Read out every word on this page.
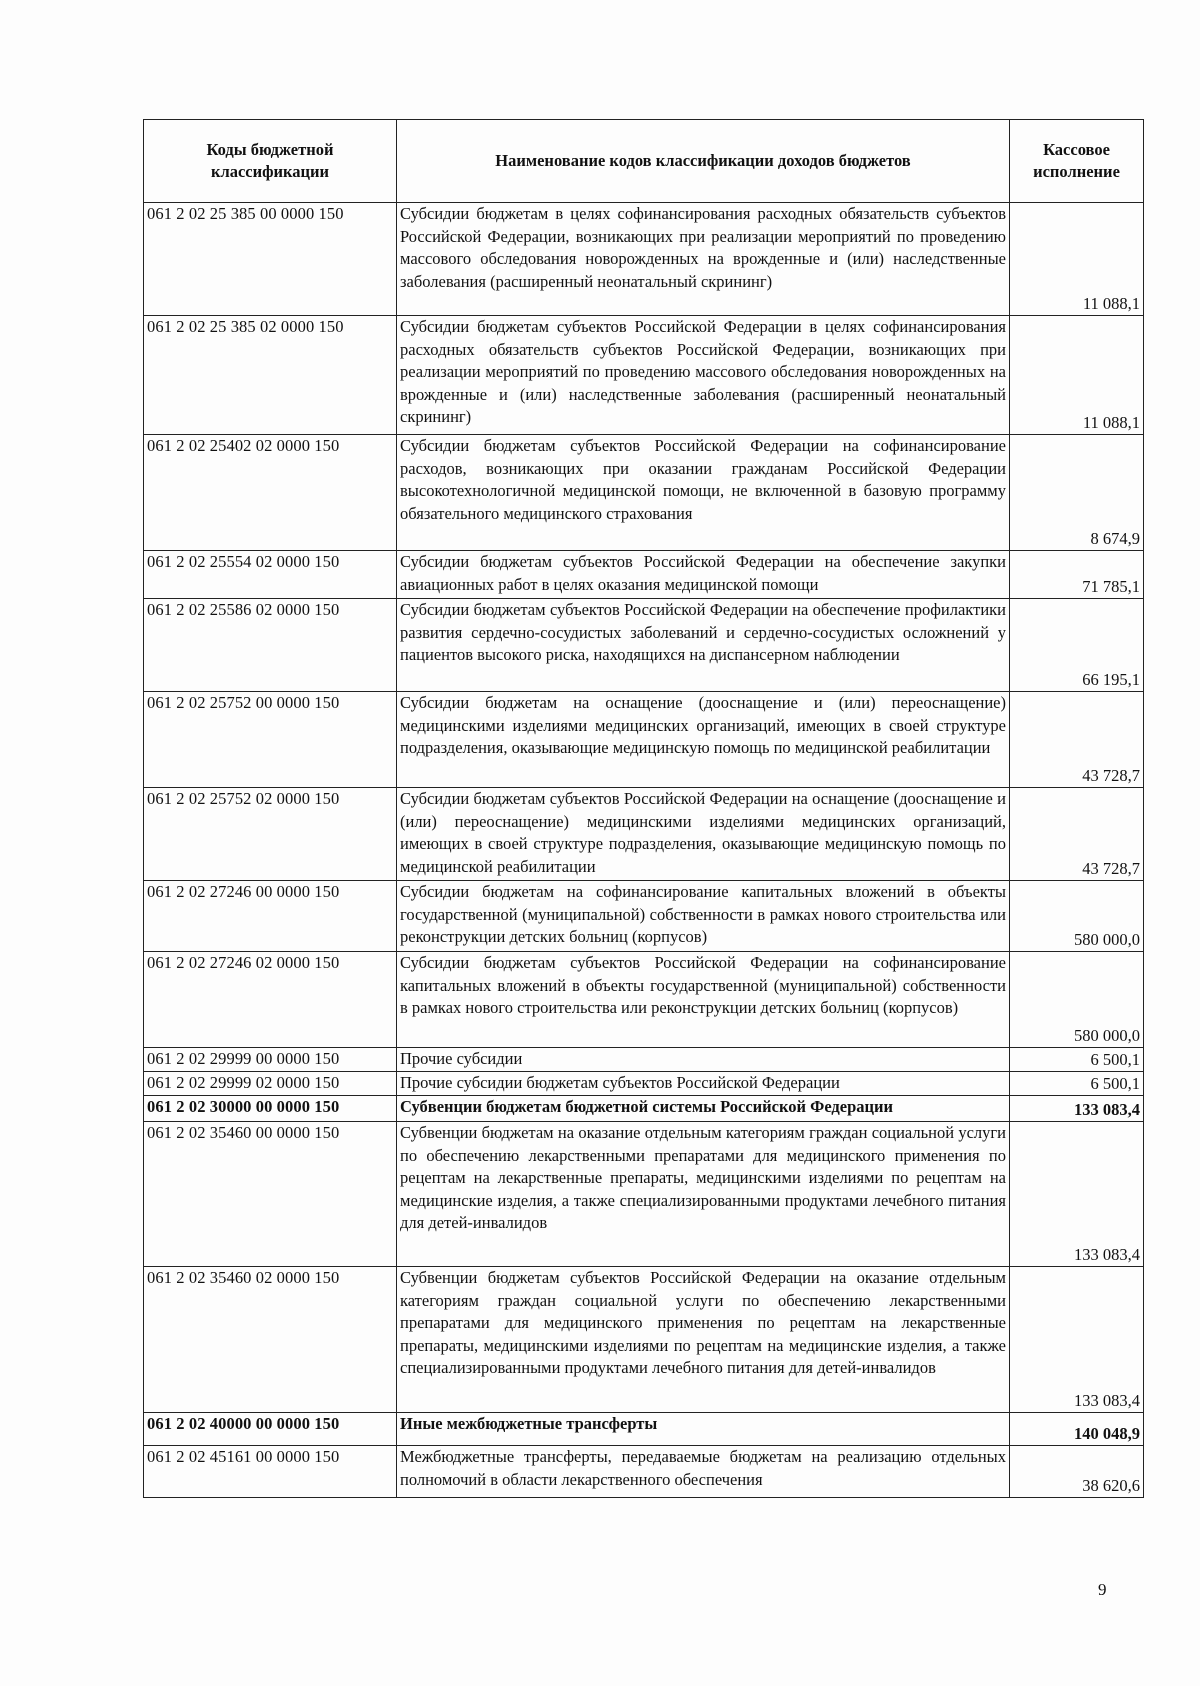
Коды бюджетной классификации	Наименование кодов классификации доходов бюджетов	Кассовое исполнение
061 2 02 25 385 00 0000 150	Субсидии бюджетам в целях софинансирования расходных обязательств субъектов Российской Федерации, возникающих при реализации мероприятий по проведению массового обследования новорожденных на врожденные и (или) наследственные заболевания (расширенный неонатальный скрининг)	11 088,1
061 2 02 25 385 02 0000 150	Субсидии бюджетам субъектов Российской Федерации в целях софинансирования расходных обязательств субъектов Российской Федерации, возникающих при реализации мероприятий по проведению массового обследования новорожденных на врожденные и (или) наследственные заболевания (расширенный неонатальный скрининг)	11 088,1
061 2 02 25402 02 0000 150	Субсидии бюджетам субъектов Российской Федерации на софинансирование расходов, возникающих при оказании гражданам Российской Федерации высокотехнологичной медицинской помощи, не включенной в базовую программу обязательного медицинского страхования	8 674,9
061 2 02 25554 02 0000 150	Субсидии бюджетам субъектов Российской Федерации на обеспечение закупки авиационных работ в целях оказания медицинской помощи	71 785,1
061 2 02 25586 02 0000 150	Субсидии бюджетам субъектов Российской Федерации на обеспечение профилактики развития сердечно-сосудистых заболеваний и сердечно-сосудистых осложнений у пациентов высокого риска, находящихся на диспансерном наблюдении	66 195,1
061 2 02 25752 00 0000 150	Субсидии бюджетам на оснащение (дооснащение и (или) переоснащение) медицинскими изделиями медицинских организаций, имеющих в своей структуре подразделения, оказывающие медицинскую помощь по медицинской реабилитации	43 728,7
061 2 02 25752 02 0000 150	Субсидии бюджетам субъектов Российской Федерации на оснащение (дооснащение и (или) переоснащение) медицинскими изделиями медицинских организаций, имеющих в своей структуре подразделения, оказывающие медицинскую помощь по медицинской реабилитации	43 728,7
061 2 02 27246 00 0000 150	Субсидии бюджетам на софинансирование капитальных вложений в объекты государственной (муниципальной) собственности в рамках нового строительства или реконструкции детских больниц (корпусов)	580 000,0
061 2 02 27246 02 0000 150	Субсидии бюджетам субъектов Российской Федерации на софинансирование капитальных вложений в объекты государственной (муниципальной) собственности в рамках нового строительства или реконструкции детских больниц (корпусов)	580 000,0
061 2 02 29999 00 0000 150	Прочие субсидии	6 500,1
061 2 02 29999 02 0000 150	Прочие субсидии бюджетам субъектов Российской Федерации	6 500,1
061 2 02 30000 00 0000 150	Субвенции бюджетам бюджетной системы Российской Федерации	133 083,4
061 2 02 35460 00 0000 150	Субвенции бюджетам на оказание отдельным категориям граждан социальной услуги по обеспечению лекарственными препаратами для медицинского применения по рецептам на лекарственные препараты, медицинскими изделиями по рецептам на медицинские изделия, а также специализированными продуктами лечебного питания для детей-инвалидов	133 083,4
061 2 02 35460 02 0000 150	Субвенции бюджетам субъектов Российской Федерации на оказание отдельным категориям граждан социальной услуги по обеспечению лекарственными препаратами для медицинского применения по рецептам на лекарственные препараты, медицинскими изделиями по рецептам на медицинские изделия, а также специализированными продуктами лечебного питания для детей-инвалидов	133 083,4
061 2 02 40000 00 0000 150	Иные межбюджетные трансферты	140 048,9
061 2 02 45161 00 0000 150	Межбюджетные трансферты, передаваемые бюджетам на реализацию отдельных полномочий в области лекарственного обеспечения	38 620,6
9
